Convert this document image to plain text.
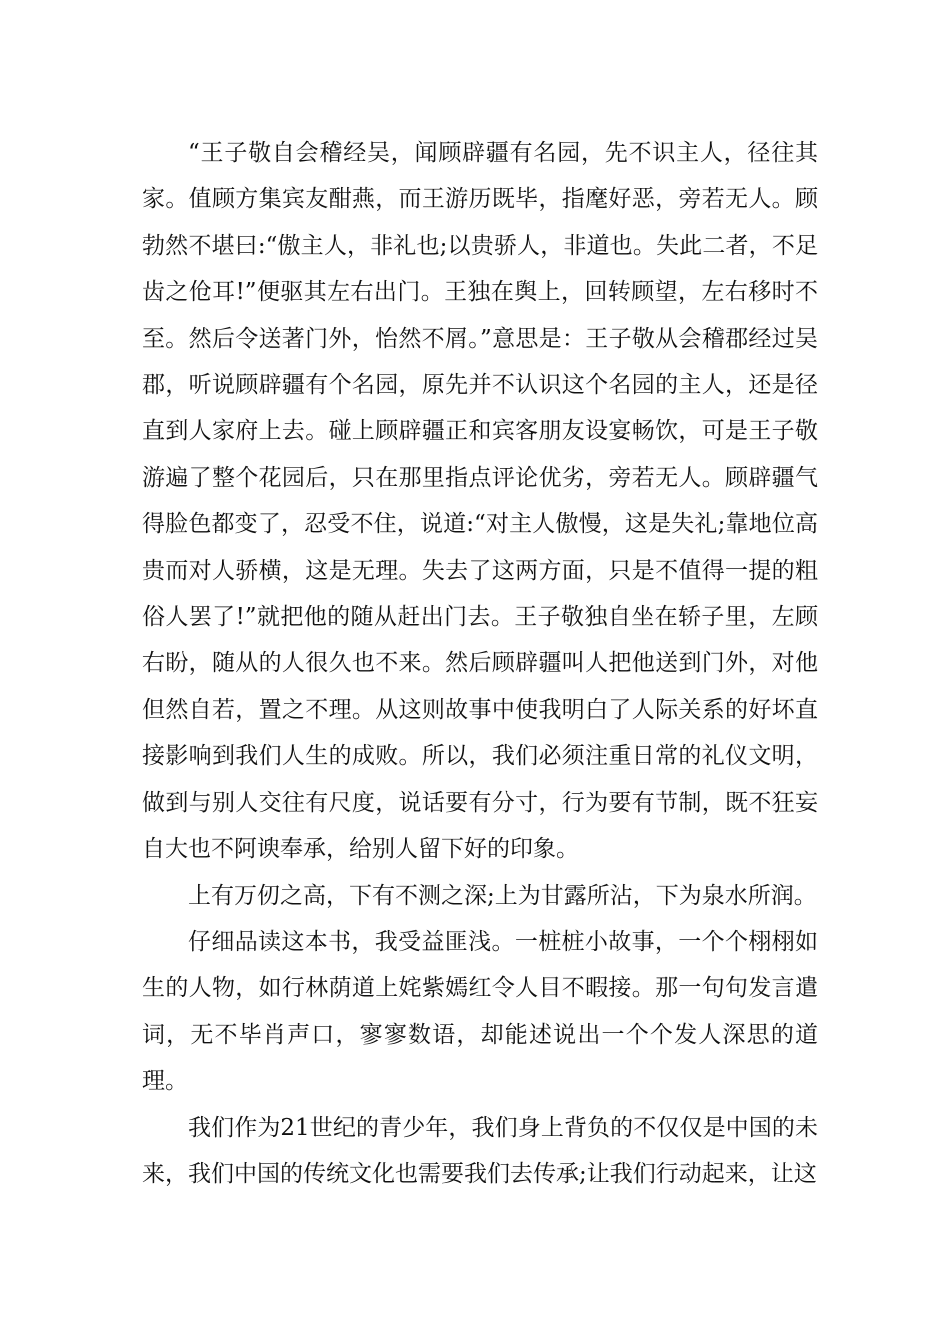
“王子敬自会稽经吴，闻顾辟疆有名园，先不识主人，径往其家。值顾方集宾友酣燕，而王游历既毕，指麾好恶，旁若无人。顾勃然不堪曰:“傲主人，非礼也;以贵骄人，非道也。失此二者，不足齿之伧耳!”便驱其左右出门。王独在舆上，回转顾望，左右移时不至。然后令送著门外，怡然不屑。”意思是：王子敬从会稽郡经过吴郡，听说顾辟疆有个名园，原先并不认识这个名园的主人，还是径直到人家府上去。碰上顾辟疆正和宾客朋友设宴畅饮，可是王子敬游遍了整个花园后，只在那里指点评论优劣，旁若无人。顾辟疆气得脸色都变了，忍受不住，说道:“对主人傲慢，这是失礼;靠地位高贵而对人骄横，这是无理。失去了这两方面，只是不值得一提的粗俗人罢了!”就把他的随从赶出门去。王子敬独自坐在轿子里，左顾右盼，随从的人很久也不来。然后顾辟疆叫人把他送到门外，对他但然自若，置之不理。从这则故事中使我明白了人际关系的好坏直接影响到我们人生的成败。所以，我们必须注重日常的礼仪文明，做到与别人交往有尺度，说话要有分寸，行为要有节制，既不狂妄自大也不阿谀奉承，给别人留下好的印象。

上有万仞之高，下有不测之深;上为甘露所沾，下为泉水所润。

仔细品读这本书，我受益匪浅。一桩桩小故事，一个个栩栩如生的人物，如行林荫道上姹紫嫣红令人目不暇接。那一句句发言遣词，无不毕肖声口，寥寥数语，却能述说出一个个发人深思的道理。

我们作为21世纪的青少年，我们身上背负的不仅仅是中国的未来，我们中国的传统文化也需要我们去传承;让我们行动起来，让这
